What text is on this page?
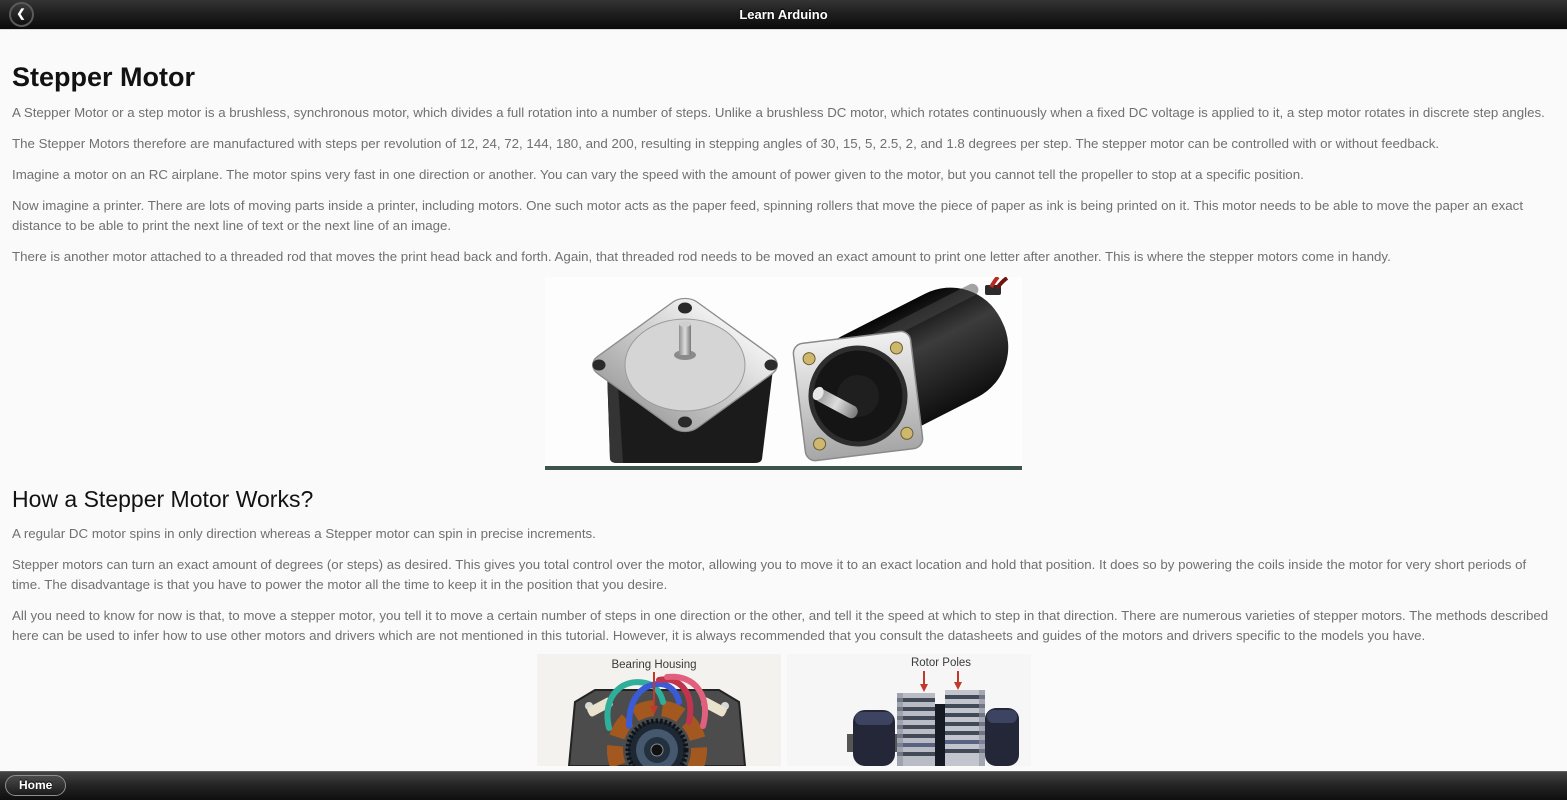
❮	Learn Arduino
Stepper Motor

A Stepper Motor or a step motor is a brushless, synchronous motor, which divides a full rotation into a number of steps. Unlike a brushless DC motor, which rotates continuously when a fixed DC voltage is applied to it, a step motor rotates in discrete step angles.

The Stepper Motors therefore are manufactured with steps per revolution of 12, 24, 72, 144, 180, and 200, resulting in stepping angles of 30, 15, 5, 2.5, 2, and 1.8 degrees per step. The stepper motor can be controlled with or without feedback.

Imagine a motor on an RC airplane. The motor spins very fast in one direction or another. You can vary the speed with the amount of power given to the motor, but you cannot tell the propeller to stop at a specific position.

Now imagine a printer. There are lots of moving parts inside a printer, including motors. One such motor acts as the paper feed, spinning rollers that move the piece of paper as ink is being printed on it. This motor needs to be able to move the paper an exact distance to be able to print the next line of text or the next line of an image.

There is another motor attached to a threaded rod that moves the print head back and forth. Again, that threaded rod needs to be moved an exact amount to print one letter after another. This is where the stepper motors come in handy.

How a Stepper Motor Works?

A regular DC motor spins in only direction whereas a Stepper motor can spin in precise increments.

Stepper motors can turn an exact amount of degrees (or steps) as desired. This gives you total control over the motor, allowing you to move it to an exact location and hold that position. It does so by powering the coils inside the motor for very short periods of time. The disadvantage is that you have to power the motor all the time to keep it in the position that you desire.

All you need to know for now is that, to move a stepper motor, you tell it to move a certain number of steps in one direction or the other, and tell it the speed at which to step in that direction. There are numerous varieties of stepper motors. The methods described here can be used to infer how to use other motors and drivers which are not mentioned in this tutorial. However, it is always recommended that you consult the datasheets and guides of the motors and drivers specific to the models you have.

Bearing Housing	Rotor Poles
Home
